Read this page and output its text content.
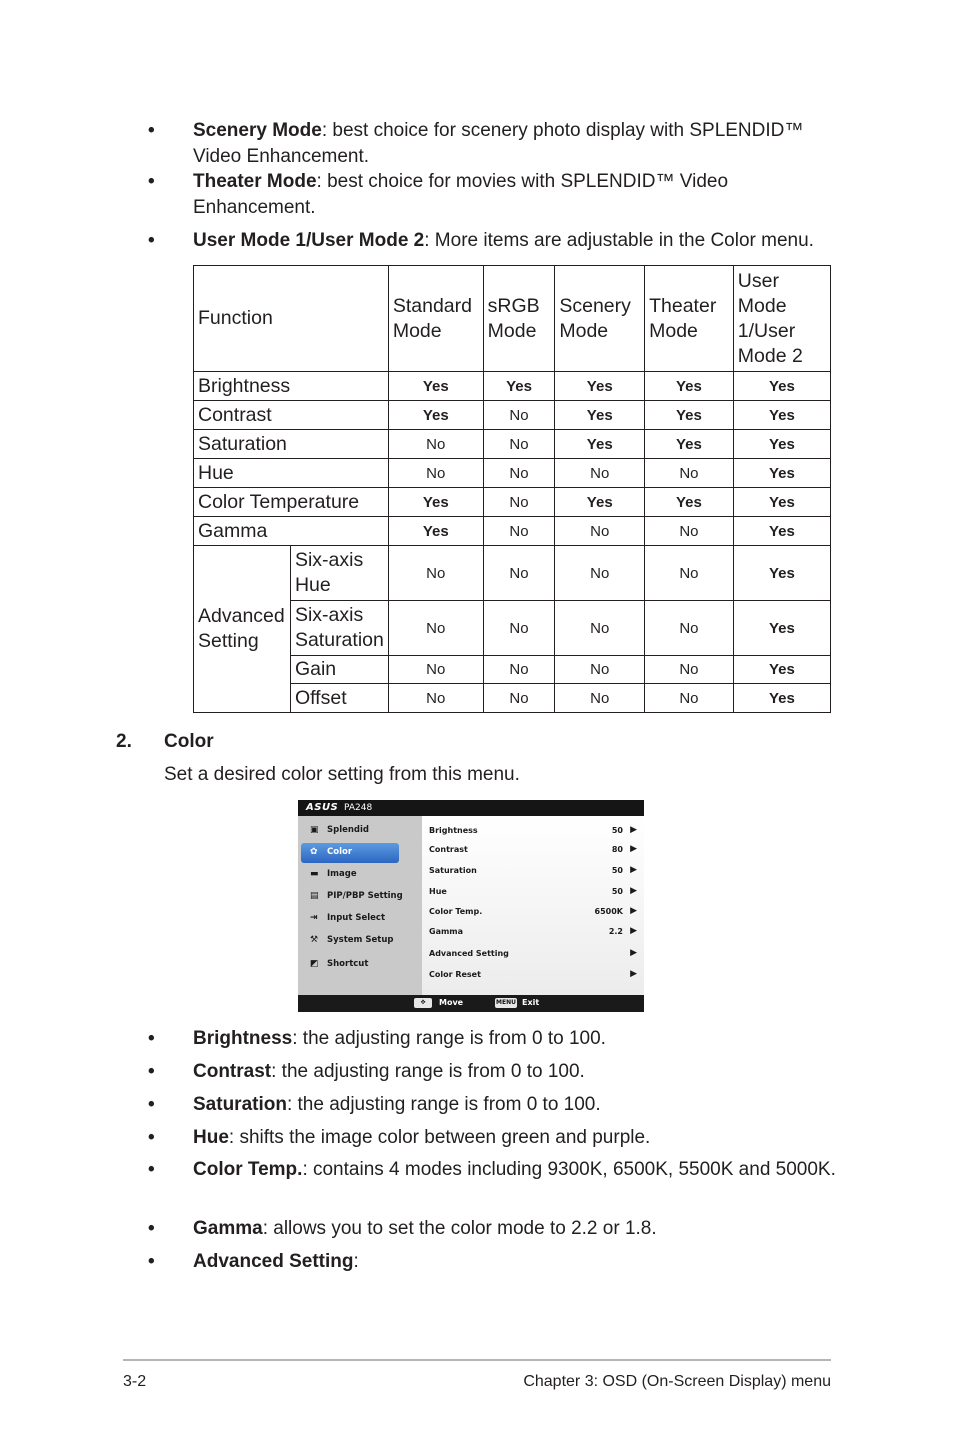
• Scenery Mode: best choice for scenery photo display with SPLENDID™ Video Enhancement.
• Theater Mode: best choice for movies with SPLENDID™ Video Enhancement.
• User Mode 1/User Mode 2: More items are adjustable in the Color menu.
Function		Standard Mode	sRGB Mode	Scenery Mode	Theater Mode	User Mode 1/User Mode 2
Brightness		Yes	Yes	Yes	Yes	Yes
Contrast		Yes	No	Yes	Yes	Yes
Saturation		No	No	Yes	Yes	Yes
Hue		No	No	No	No	Yes
Color Temperature		Yes	No	Yes	Yes	Yes
Gamma		Yes	No	No	No	Yes
Advanced Setting	Six-axis Hue	No	No	No	No	Yes
	Six-axis Saturation	No	No	No	No	Yes
	Gain	No	No	No	No	Yes
	Offset	No	No	No	No	Yes
2. Color
Set a desired color setting from this menu.
ASUS PA248
▣ Splendid
✿ Color
▬ Image
▤ PIP/PBP Setting
⇥ Input Select
⚒ System Setup
◩ Shortcut
Brightness	50 ▶
Contrast	80 ▶
Saturation	50 ▶
Hue	50 ▶
Color Temp.	6500K ▶
Gamma	2.2 ▶
Advanced Setting	▶
Color Reset	▶
✥	Move	MENU Exit
• Brightness: the adjusting range is from 0 to 100.
• Contrast: the adjusting range is from 0 to 100.
• Saturation: the adjusting range is from 0 to 100.
• Hue: shifts the image color between green and purple.
• Color Temp.: contains 4 modes including 9300K, 6500K, 5500K and 5000K.
• Gamma: allows you to set the color mode to 2.2 or 1.8.
• Advanced Setting:
3-2	Chapter 3: OSD (On-Screen Display) menu
